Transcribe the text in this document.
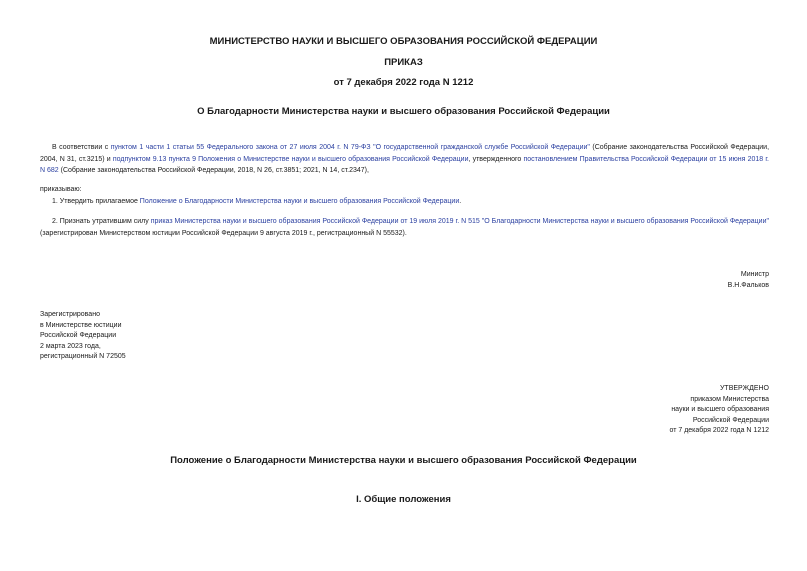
МИНИСТЕРСТВО НАУКИ И ВЫСШЕГО ОБРАЗОВАНИЯ РОССИЙСКОЙ ФЕДЕРАЦИИ
ПРИКАЗ
от 7 декабря 2022 года N 1212
О Благодарности Министерства науки и высшего образования Российской Федерации
В соответствии с пунктом 1 части 1 статьи 55 Федерального закона от 27 июля 2004 г. N 79-ФЗ "О государственной гражданской службе Российской Федерации" (Собрание законодательства Российской Федерации, 2004, N 31, ст.3215) и подпунктом 9.13 пункта 9 Положения о Министерстве науки и высшего образования Российской Федерации, утвержденного постановлением Правительства Российской Федерации от 15 июня 2018 г. N 682 (Собрание законодательства Российской Федерации, 2018, N 26, ст.3851; 2021, N 14, ст.2347),
приказываю:
1. Утвердить прилагаемое Положение о Благодарности Министерства науки и высшего образования Российской Федерации.
2. Признать утратившим силу приказ Министерства науки и высшего образования Российской Федерации от 19 июля 2019 г. N 515 "О Благодарности Министерства науки и высшего образования Российской Федерации" (зарегистрирован Министерством юстиции Российской Федерации 9 августа 2019 г., регистрационный N 55532).
Министр
В.Н.Фальков
Зарегистрировано
в Министерстве юстиции
Российской Федерации
2 марта 2023 года,
регистрационный N 72505
УТВЕРЖДЕНО
приказом Министерства
науки и высшего образования
Российской Федерации
от 7 декабря 2022 года N 1212
Положение о Благодарности Министерства науки и высшего образования Российской Федерации
I. Общие положения
